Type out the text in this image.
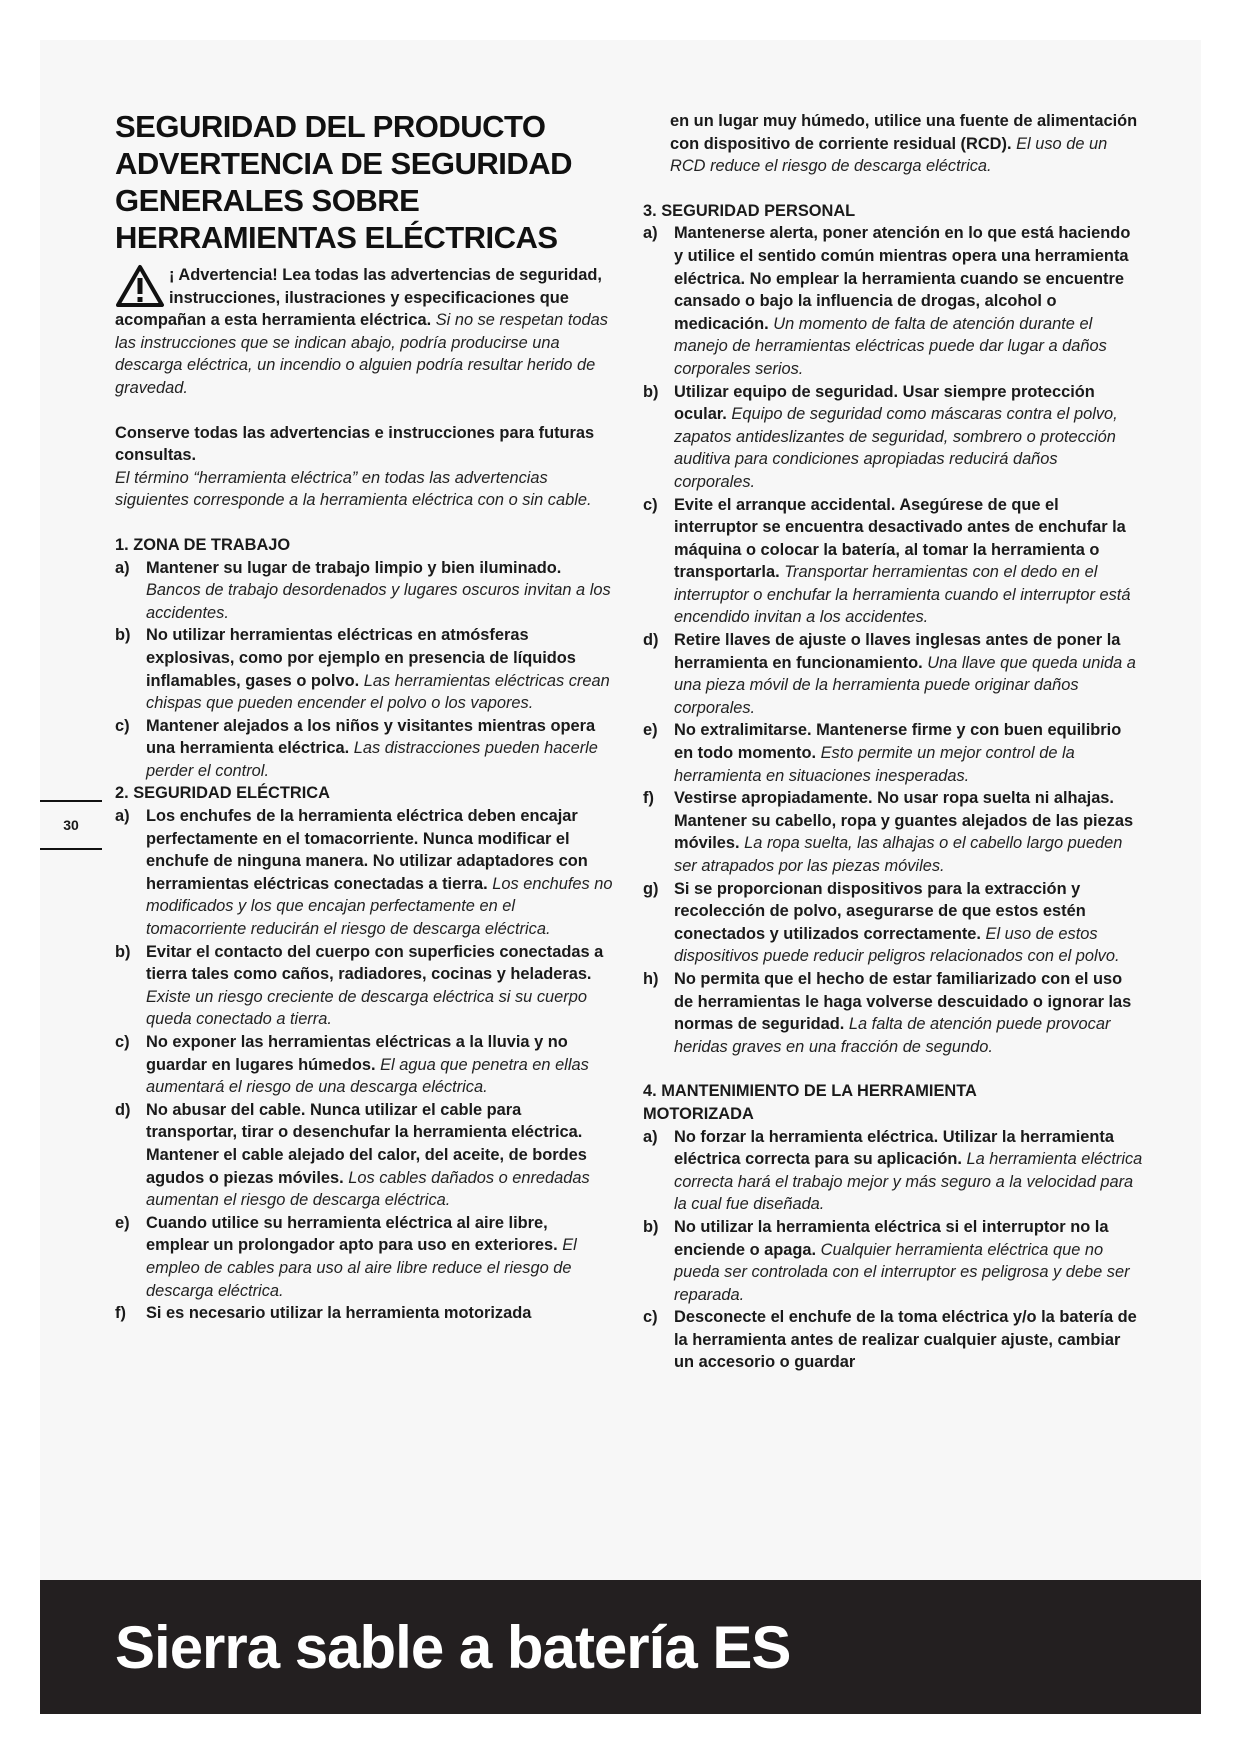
SEGURIDAD DEL PRODUCTO ADVERTENCIA DE SEGURIDAD GENERALES SOBRE HERRAMIENTAS ELÉCTRICAS

¡ Advertencia! Lea todas las advertencias de seguridad, instrucciones, ilustraciones y especificaciones que acompañan a esta herramienta eléctrica. Si no se respetan todas las instrucciones que se indican abajo, podría producirse una descarga eléctrica, un incendio o alguien podría resultar herido de gravedad.

Conserve todas las advertencias e instrucciones para futuras consultas.
El término “herramienta eléctrica” en todas las advertencias siguientes corresponde a la herramienta eléctrica con o sin cable.

1. ZONA DE TRABAJO

a) Mantener su lugar de trabajo limpio y bien iluminado. Bancos de trabajo desordenados y lugares oscuros invitan a los accidentes.
b) No utilizar herramientas eléctricas en atmósferas explosivas, como por ejemplo en presencia de líquidos inflamables, gases o polvo. Las herramientas eléctricas crean chispas que pueden encender el polvo o los vapores.
c) Mantener alejados a los niños y visitantes mientras opera una herramienta eléctrica. Las distracciones pueden hacerle perder el control.

2. SEGURIDAD ELÉCTRICA

a) Los enchufes de la herramienta eléctrica deben encajar perfectamente en el tomacorriente. Nunca modificar el enchufe de ninguna manera. No utilizar adaptadores con herramientas eléctricas conectadas a tierra. Los enchufes no modificados y los que encajan perfectamente en el tomacorriente reducirán el riesgo de descarga eléctrica.
b) Evitar el contacto del cuerpo con superficies conectadas a tierra tales como caños, radiadores, cocinas y heladeras. Existe un riesgo creciente de descarga eléctrica si su cuerpo queda conectado a tierra.
c) No exponer las herramientas eléctricas a la lluvia y no guardar en lugares húmedos. El agua que penetra en ellas aumentará el riesgo de una descarga eléctrica.
d) No abusar del cable. Nunca utilizar el cable para transportar, tirar o desenchufar la herramienta eléctrica. Mantener el cable alejado del calor, del aceite, de bordes agudos o piezas móviles. Los cables dañados o enredadas aumentan el riesgo de descarga eléctrica.
e) Cuando utilice su herramienta eléctrica al aire libre, emplear un prolongador apto para uso en exteriores. El empleo de cables para uso al aire libre reduce el riesgo de descarga eléctrica.
f) Si es necesario utilizar la herramienta motorizada

en un lugar muy húmedo, utilice una fuente de alimentación con dispositivo de corriente residual (RCD). El uso de un RCD reduce el riesgo de descarga eléctrica.

3. SEGURIDAD PERSONAL

a) Mantenerse alerta, poner atención en lo que está haciendo y utilice el sentido común mientras opera una herramienta eléctrica. No emplear la herramienta cuando se encuentre cansado o bajo la influencia de drogas, alcohol o medicación. Un momento de falta de atención durante el manejo de herramientas eléctricas puede dar lugar a daños corporales serios.
b) Utilizar equipo de seguridad. Usar siempre protección ocular. Equipo de seguridad como máscaras contra el polvo, zapatos antideslizantes de seguridad, sombrero o protección auditiva para condiciones apropiadas reducirá daños corporales.
c) Evite el arranque accidental. Asegúrese de que el interruptor se encuentra desactivado antes de enchufar la máquina o colocar la batería, al tomar la herramienta o transportarla. Transportar herramientas con el dedo en el interruptor o enchufar la herramienta cuando el interruptor está encendido invitan a los accidentes.
d) Retire llaves de ajuste o llaves inglesas antes de poner la herramienta en funcionamiento. Una llave que queda unida a una pieza móvil de la herramienta puede originar daños corporales.
e) No extralimitarse. Mantenerse firme y con buen equilibrio en todo momento. Esto permite un mejor control de la herramienta en situaciones inesperadas.
f) Vestirse apropiadamente. No usar ropa suelta ni alhajas. Mantener su cabello, ropa y guantes alejados de las piezas móviles. La ropa suelta, las alhajas o el cabello largo pueden ser atrapados por las piezas móviles.
g) Si se proporcionan dispositivos para la extracción y recolección de polvo, asegurarse de que estos estén conectados y utilizados correctamente. El uso de estos dispositivos puede reducir peligros relacionados con el polvo.
h) No permita que el hecho de estar familiarizado con el uso de herramientas le haga volverse descuidado o ignorar las normas de seguridad. La falta de atención puede provocar heridas graves en una fracción de segundo.

4. MANTENIMIENTO DE LA HERRAMIENTA MOTORIZADA

a) No forzar la herramienta eléctrica. Utilizar la herramienta eléctrica correcta para su aplicación. La herramienta eléctrica correcta hará el trabajo mejor y más seguro a la velocidad para la cual fue diseñada.
b) No utilizar la herramienta eléctrica si el interruptor no la enciende o apaga. Cualquier herramienta eléctrica que no pueda ser controlada con el interruptor es peligrosa y debe ser reparada.
c) Desconecte el enchufe de la toma eléctrica y/o la batería de la herramienta antes de realizar cualquier ajuste, cambiar un accesorio o guardar
30
Sierra sable a batería ES
